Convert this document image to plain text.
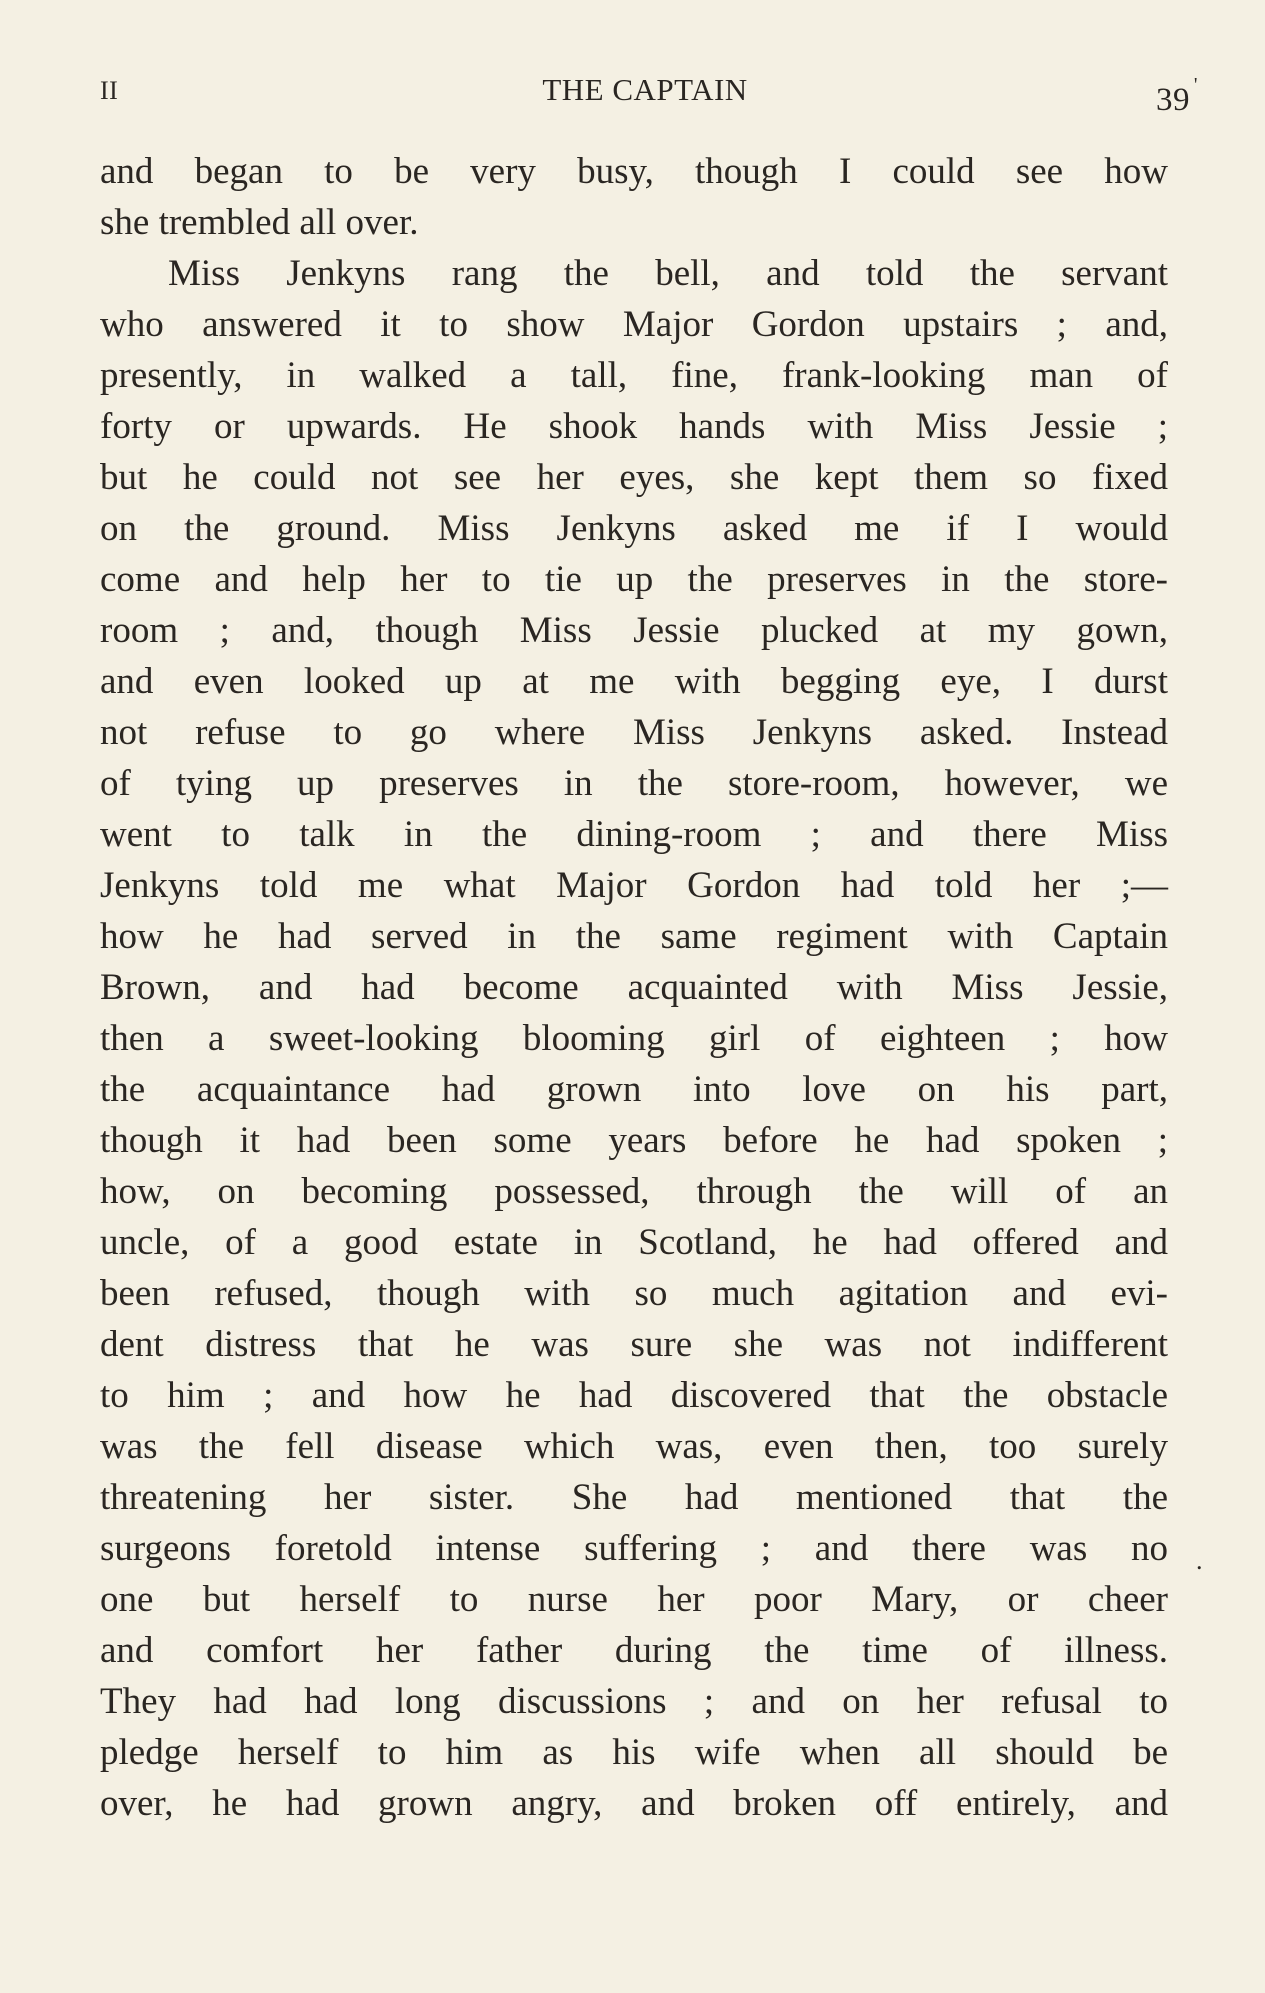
II	THE CAPTAIN	39 '
and began to be very busy, though I could see how
she trembled all over.
Miss Jenkyns rang the bell, and told the servant
who answered it to show Major Gordon upstairs ; and,
presently, in walked a tall, fine, frank-looking man of
forty or upwards. He shook hands with Miss Jessie ;
but he could not see her eyes, she kept them so fixed
on the ground. Miss Jenkyns asked me if I would
come and help her to tie up the preserves in the store-
room ; and, though Miss Jessie plucked at my gown,
and even looked up at me with begging eye, I durst
not refuse to go where Miss Jenkyns asked. Instead
of tying up preserves in the store-room, however, we
went to talk in the dining-room ; and there Miss
Jenkyns told me what Major Gordon had told her ;—
how he had served in the same regiment with Captain
Brown, and had become acquainted with Miss Jessie,
then a sweet-looking blooming girl of eighteen ; how
the acquaintance had grown into love on his part,
though it had been some years before he had spoken ;
how, on becoming possessed, through the will of an
uncle, of a good estate in Scotland, he had offered and
been refused, though with so much agitation and evi-
dent distress that he was sure she was not indifferent
to him ; and how he had discovered that the obstacle
was the fell disease which was, even then, too surely
threatening her sister. She had mentioned that the
surgeons foretold intense suffering ; and there was no
one but herself to nurse her poor Mary, or cheer
and comfort her father during the time of illness.
They had had long discussions ; and on her refusal to
pledge herself to him as his wife when all should be
over, he had grown angry, and broken off entirely, and
.
